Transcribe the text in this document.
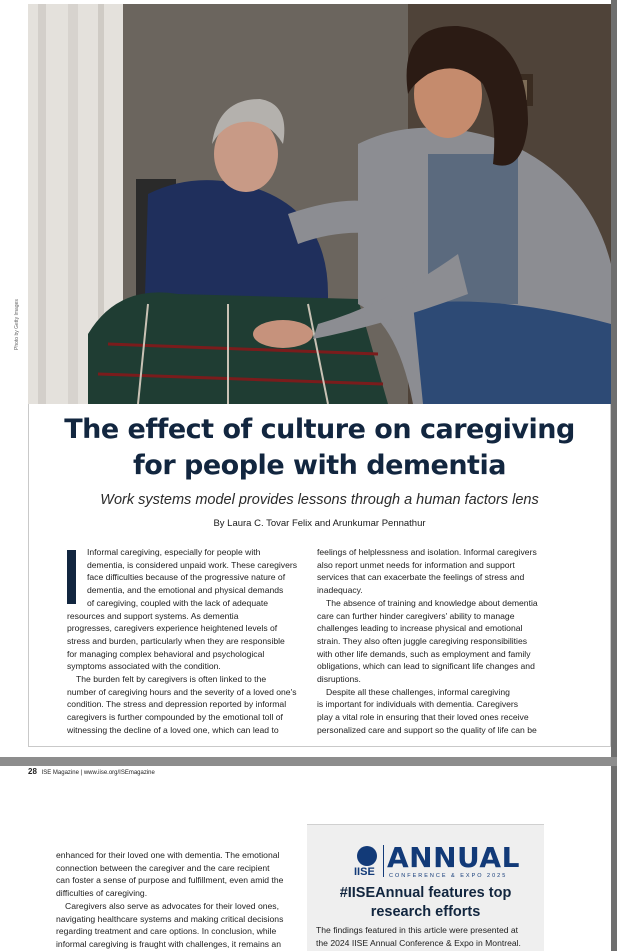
Photo by Getty Images
The effect of culture on caregiving
for people with dementia
Work systems model provides lessons through a human factors lens
By Laura C. Tovar Felix and Arunkumar Pennathur
Informal caregiving, especially for people with
dementia, is considered unpaid work. These caregivers
face difficulties because of the progressive nature of
dementia, and the emotional and physical demands
of caregiving, coupled with the lack of adequate
resources and support systems. As dementia
progresses, caregivers experience heightened levels of
stress and burden, particularly when they are responsible
for managing complex behavioral and psychological
symptoms associated with the condition.
The burden felt by caregivers is often linked to the
number of caregiving hours and the severity of a loved one's
condition. The stress and depression reported by informal
caregivers is further compounded by the emotional toll of
witnessing the decline of a loved one, which can lead to
feelings of helplessness and isolation. Informal caregivers
also report unmet needs for information and support
services that can exacerbate the feelings of stress and
inadequacy.
The absence of training and knowledge about dementia
care can further hinder caregivers' ability to manage
challenges leading to increase physical and emotional
strain. They also often juggle caregiving responsibilities
with other life demands, such as employment and family
obligations, which can lead to significant life changes and
disruptions.
Despite all these challenges, informal caregiving
is important for individuals with dementia. Caregivers
play a vital role in ensuring that their loved ones receive
personalized care and support so the quality of life can be
enhanced for their loved one with dementia. The emotional
connection between the caregiver and the care recipient
can foster a sense of purpose and fulfillment, even amid the
difficulties of caregiving.
Caregivers also serve as advocates for their loved ones,
navigating healthcare systems and making critical decisions
regarding treatment and care options. In conclusion, while
informal caregiving is fraught with challenges, it remains an
28 ISE Magazine | www.iise.org/ISEmagazine
IISE ANNUAL
CONFERENCE & EXPO 2025
#IISEAnnual features top
research efforts
The findings featured in this article were presented at
the 2024 IISE Annual Conference & Expo in Montreal.
